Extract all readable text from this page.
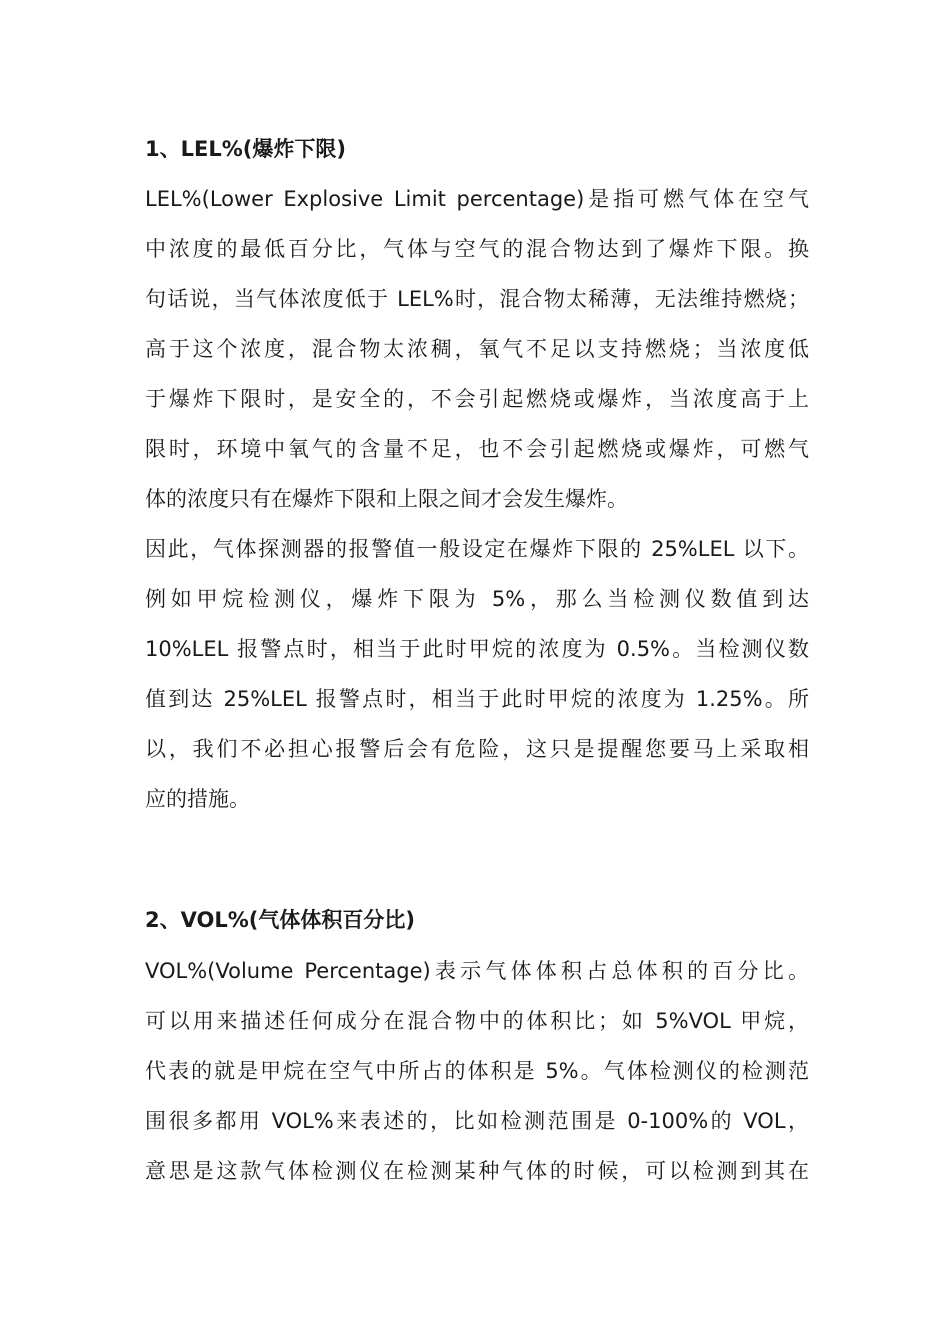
1、LEL%(爆炸下限)

LEL%(Lower Explosive Limit percentage)是指可燃气体在空气
中浓度的最低百分比，气体与空气的混合物达到了爆炸下限。换
句话说，当气体浓度低于 LEL%时，混合物太稀薄，无法维持燃烧；
高于这个浓度，混合物太浓稠，氧气不足以支持燃烧；当浓度低
于爆炸下限时，是安全的，不会引起燃烧或爆炸，当浓度高于上
限时，环境中氧气的含量不足，也不会引起燃烧或爆炸，可燃气
体的浓度只有在爆炸下限和上限之间才会发生爆炸。

因此，气体探测器的报警值一般设定在爆炸下限的 25%LEL 以下。
例如甲烷检测仪，爆炸下限为 5%，那么当检测仪数值到达
10%LEL 报警点时，相当于此时甲烷的浓度为 0.5%。当检测仪数
值到达 25%LEL 报警点时，相当于此时甲烷的浓度为 1.25%。所
以，我们不必担心报警后会有危险，这只是提醒您要马上采取相
应的措施。

2、VOL%(气体体积百分比)

VOL%(Volume Percentage)表示气体体积占总体积的百分比。
可以用来描述任何成分在混合物中的体积比；如 5%VOL 甲烷，
代表的就是甲烷在空气中所占的体积是 5%。气体检测仪的检测范
围很多都用 VOL%来表述的，比如检测范围是 0-100%的 VOL，
意思是这款气体检测仪在检测某种气体的时候，可以检测到其在
